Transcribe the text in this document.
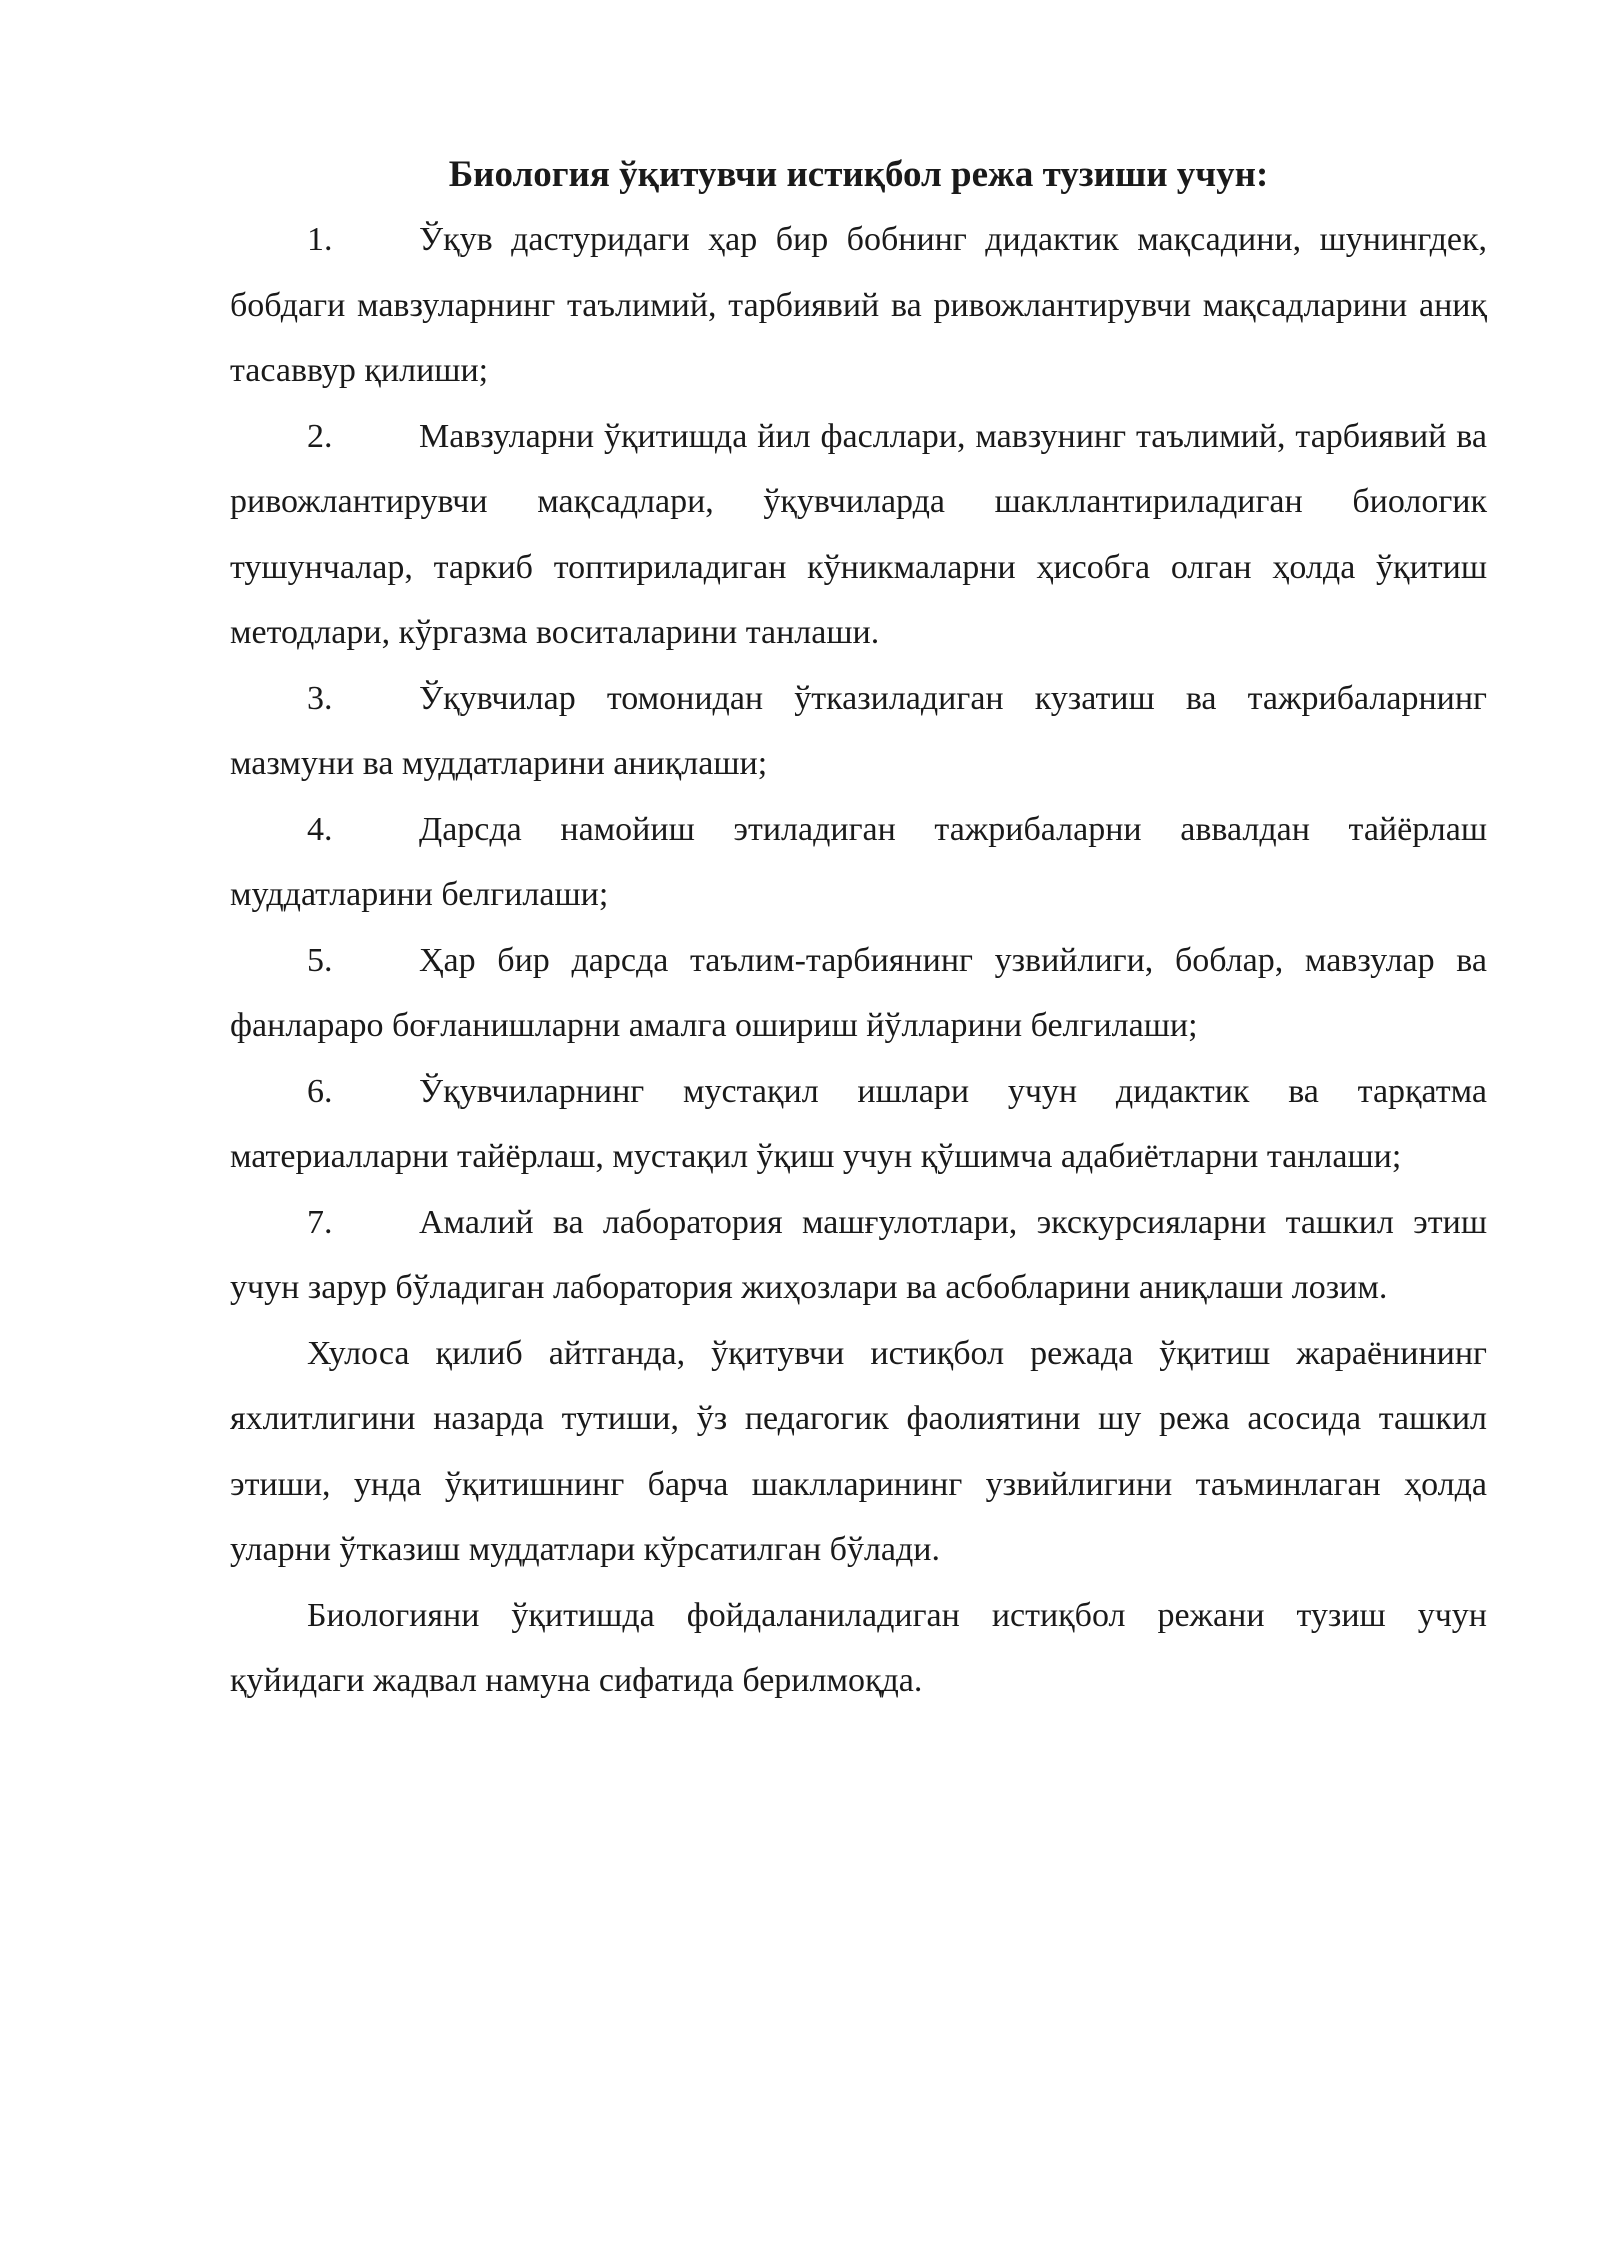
Биология ўқитувчи истиқбол режа тузиши учун:

1.	Ўқув дастуридаги ҳар бир бобнинг дидактик мақсадини, шунингдек, бобдаги мавзуларнинг таълимий, тарбиявий ва ривожлантирувчи мақсадларини аниқ тасаввур қилиши;

2.	Мавзуларни ўқитишда йил фасллари, мавзунинг таълимий, тарбиявий ва ривожлантирувчи мақсадлари, ўқувчиларда шакллантириладиган биологик тушунчалар, таркиб топтириладиган кўникмаларни ҳисобга олган ҳолда ўқитиш методлари, кўргазма воситаларини танлаши.

3.	Ўқувчилар томонидан ўтказиладиган кузатиш ва тажрибаларнинг мазмуни ва муддатларини аниқлаши;

4.	Дарсда намойиш этиладиган тажрибаларни аввалдан тайёрлаш муддатларини белгилаши;

5.	Ҳар бир дарсда таълим-тарбиянинг узвийлиги, боблар, мавзулар ва фанлараро боғланишларни амалга ошириш йўлларини белгилаши;

6.	Ўқувчиларнинг мустақил ишлари учун дидактик ва тарқатма материалларни тайёрлаш, мустақил ўқиш учун қўшимча адабиётларни танлаши;

7.	Амалий ва лаборатория машғулотлари, экскурсияларни ташкил этиш учун зарур бўладиган лаборатория жиҳозлари ва асбобларини аниқлаши лозим.

Хулоса қилиб айтганда, ўқитувчи истиқбол режада ўқитиш жараёнининг яхлитлигини назарда тутиши, ўз педагогик фаолиятини шу режа асосида ташкил этиши, унда ўқитишнинг барча шаклларининг узвийлигини таъминлаган ҳолда уларни ўтказиш муддатлари кўрсатилган бўлади.

Биологияни ўқитишда фойдаланиладиган истиқбол режани тузиш учун қуйидаги жадвал намуна сифатида берилмоқда.
